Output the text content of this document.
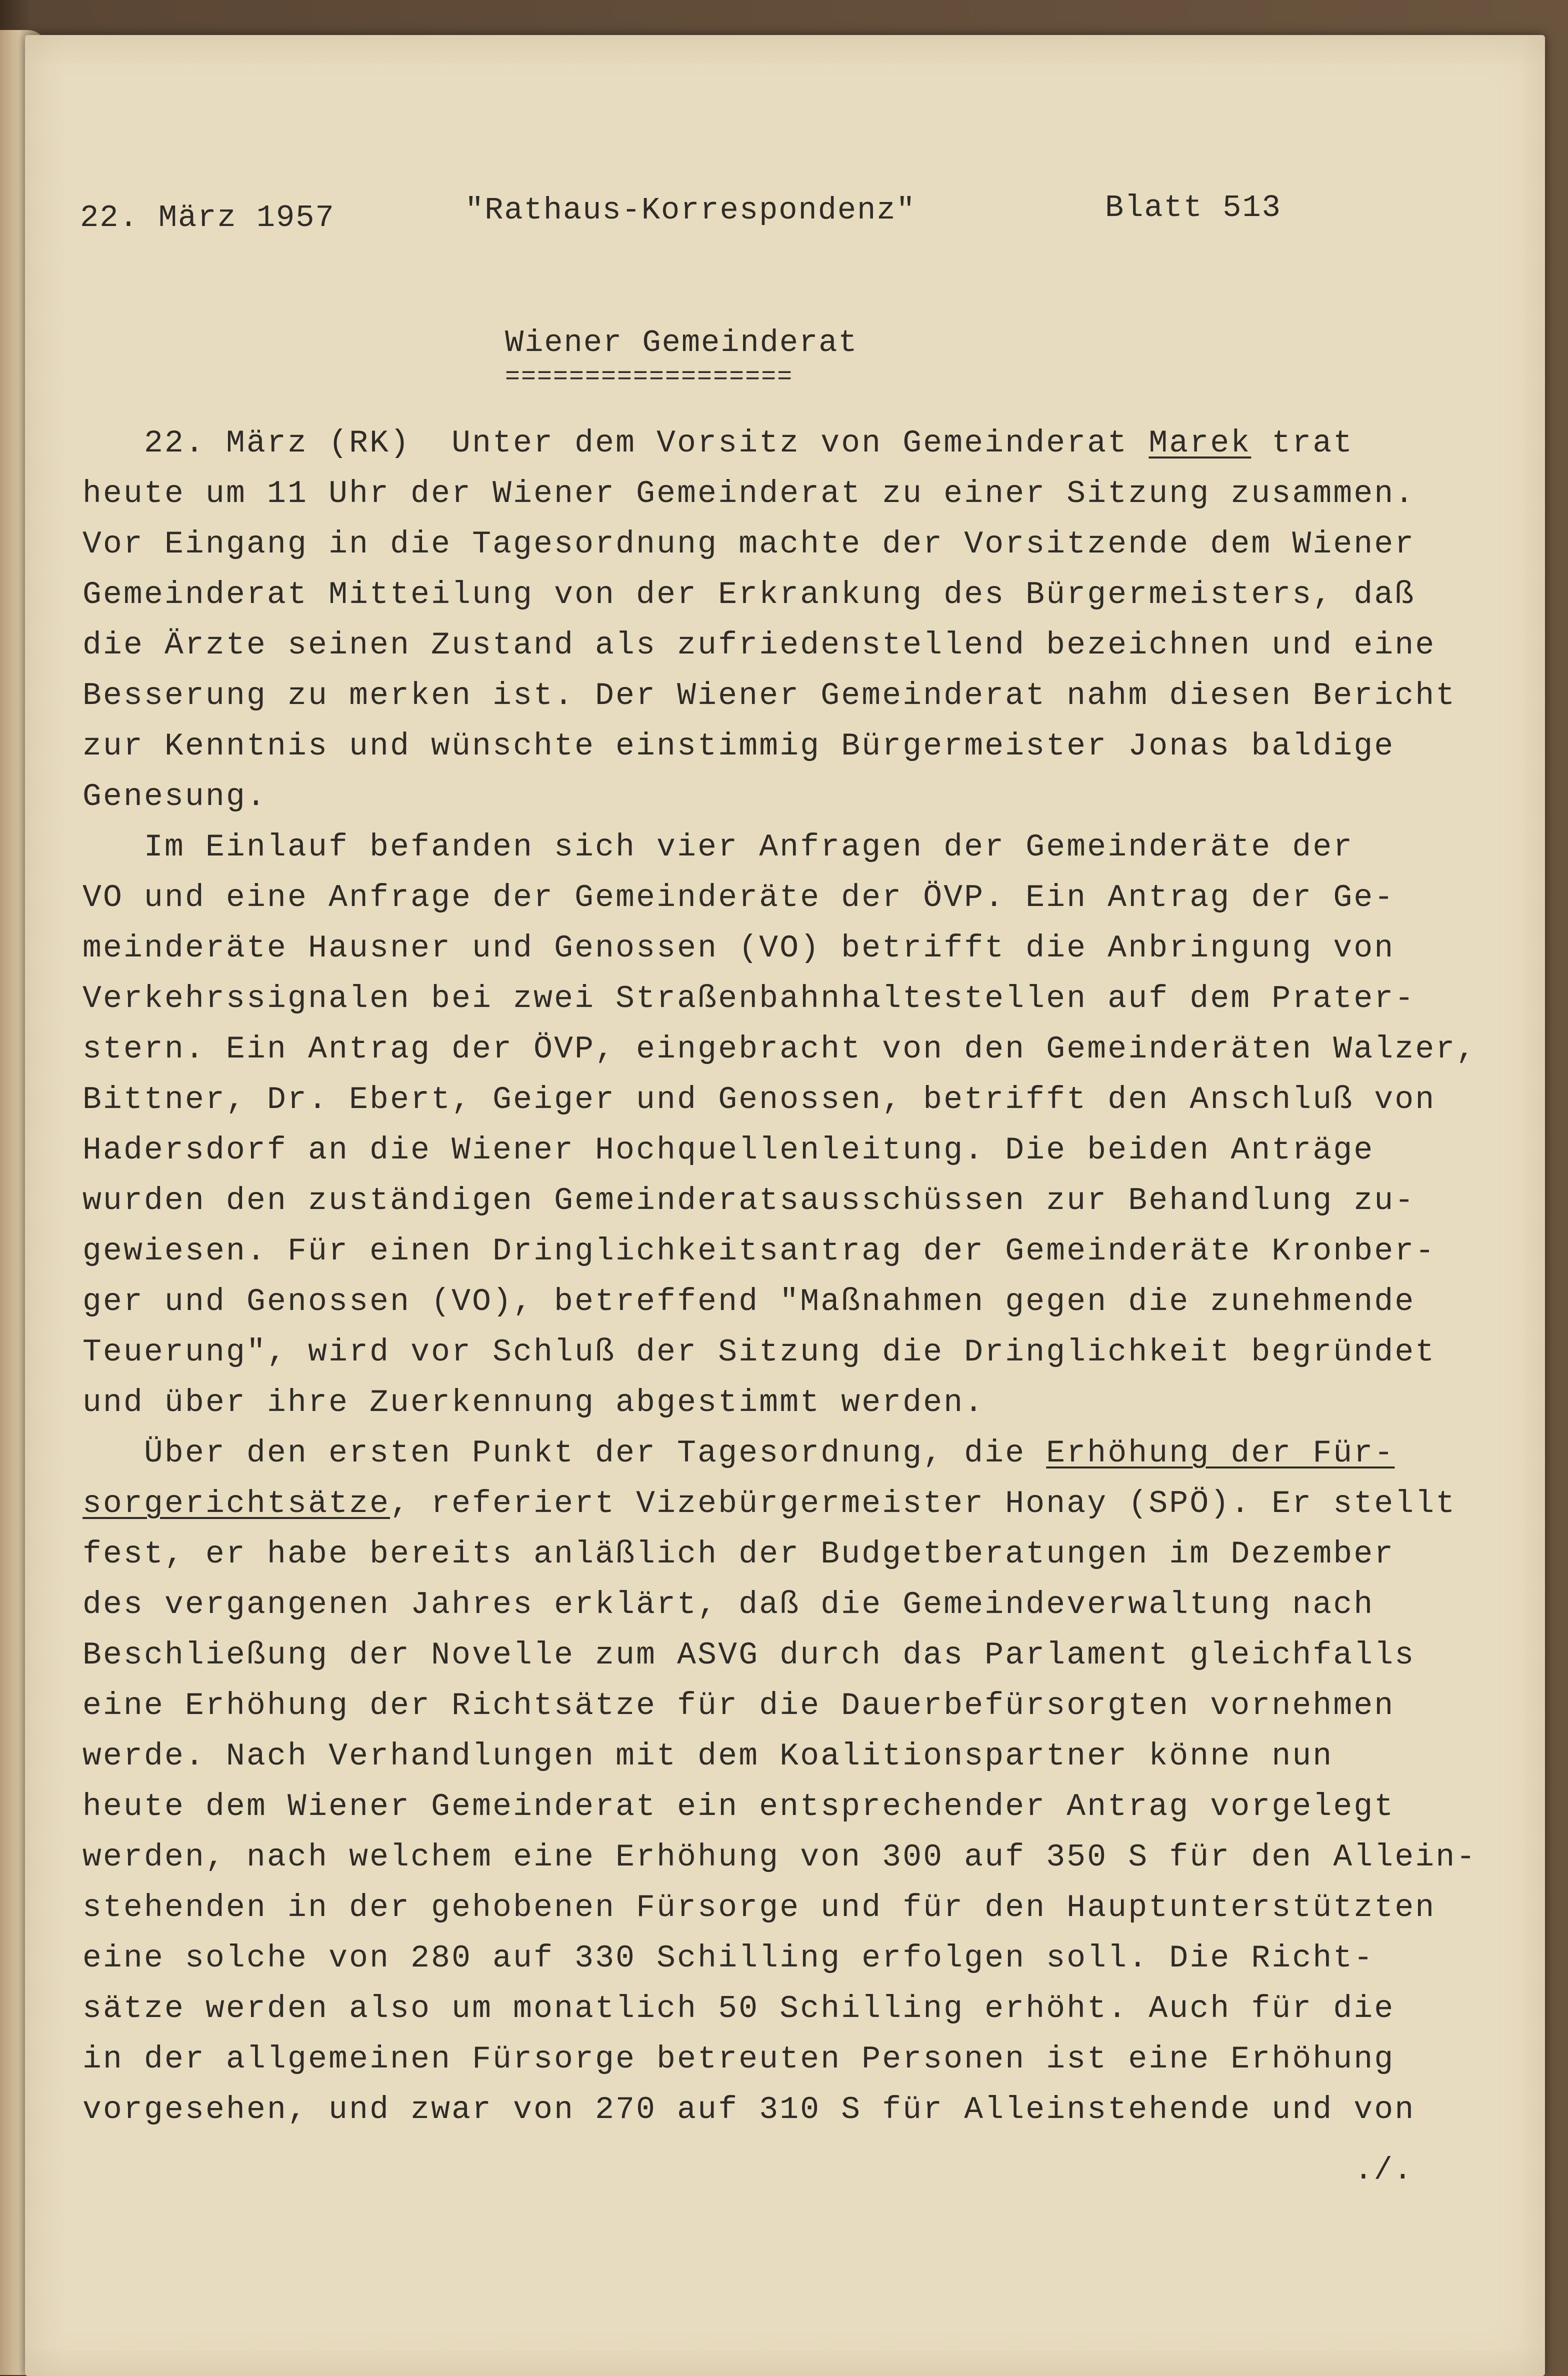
22. März 1957	"Rathaus-Korrespondenz"	Blatt 513
Wiener Gemeinderat
==================
22. März (RK)  Unter dem Vorsitz von Gemeinderat Marek trat
heute um 11 Uhr der Wiener Gemeinderat zu einer Sitzung zusammen.
Vor Eingang in die Tagesordnung machte der Vorsitzende dem Wiener
Gemeinderat Mitteilung von der Erkrankung des Bürgermeisters, daß
die Ärzte seinen Zustand als zufriedenstellend bezeichnen und eine
Besserung zu merken ist. Der Wiener Gemeinderat nahm diesen Bericht
zur Kenntnis und wünschte einstimmig Bürgermeister Jonas baldige
Genesung.
Im Einlauf befanden sich vier Anfragen der Gemeinderäte der
VO und eine Anfrage der Gemeinderäte der ÖVP. Ein Antrag der Ge-
meinderäte Hausner und Genossen (VO) betrifft die Anbringung von
Verkehrssignalen bei zwei Straßenbahnhaltestellen auf dem Prater-
stern. Ein Antrag der ÖVP, eingebracht von den Gemeinderäten Walzer,
Bittner, Dr. Ebert, Geiger und Genossen, betrifft den Anschluß von
Hadersdorf an die Wiener Hochquellenleitung. Die beiden Anträge
wurden den zuständigen Gemeinderatsausschüssen zur Behandlung zu-
gewiesen. Für einen Dringlichkeitsantrag der Gemeinderäte Kronber-
ger und Genossen (VO), betreffend "Maßnahmen gegen die zunehmende
Teuerung", wird vor Schluß der Sitzung die Dringlichkeit begründet
und über ihre Zuerkennung abgestimmt werden.
Über den ersten Punkt der Tagesordnung, die Erhöhung der Für-
sorgerichtsätze, referiert Vizebürgermeister Honay (SPÖ). Er stellt
fest, er habe bereits anläßlich der Budgetberatungen im Dezember
des vergangenen Jahres erklärt, daß die Gemeindeverwaltung nach
Beschließung der Novelle zum ASVG durch das Parlament gleichfalls
eine Erhöhung der Richtsätze für die Dauerbefürsorgten vornehmen
werde. Nach Verhandlungen mit dem Koalitionspartner könne nun
heute dem Wiener Gemeinderat ein entsprechender Antrag vorgelegt
werden, nach welchem eine Erhöhung von 300 auf 350 S für den Allein-
stehenden in der gehobenen Fürsorge und für den Hauptunterstützten
eine solche von 280 auf 330 Schilling erfolgen soll. Die Richt-
sätze werden also um monatlich 50 Schilling erhöht. Auch für die
in der allgemeinen Fürsorge betreuten Personen ist eine Erhöhung
vorgesehen, und zwar von 270 auf 310 S für Alleinstehende und von
./.
